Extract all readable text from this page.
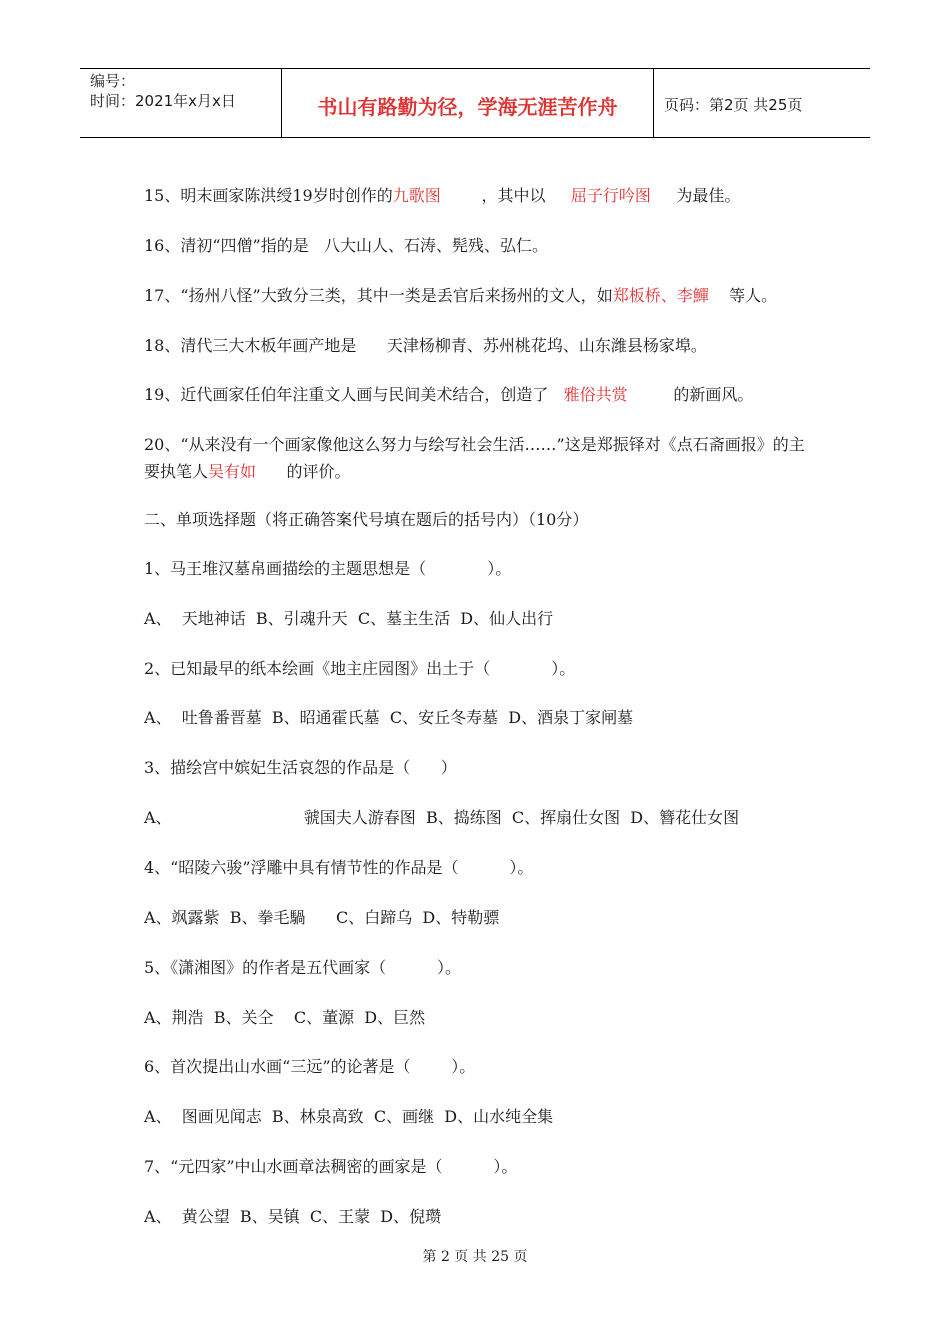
编号：
时间：2021年x月x日	书山有路勤为径，学海无涯苦作舟	页码：第2页 共25页
15、明末画家陈洪绶19岁时创作的九歌图        ，其中以     屈子行吟图     为最佳。
16、清初“四僧”指的是   八大山人、石涛、髡残、弘仁。
17、“扬州八怪”大致分三类，其中一类是丢官后来扬州的文人，如郑板桥、李鱓    等人。
18、清代三大木板年画产地是      天津杨柳青、苏州桃花坞、山东潍县杨家埠。
19、近代画家任伯年注重文人画与民间美术结合，创造了   雅俗共赏         的新画风。
20、“从来没有一个画家像他这么努力与绘写社会生活……”这是郑振铎对《点石斋画报》的主要执笔人吴有如      的评价。
二、单项选择题（将正确答案代号填在题后的括号内）（10分）
1、马王堆汉墓帛画描绘的主题思想是（            ）。
A、  天地神话  B、引魂升天  C、墓主生活  D、仙人出行
2、已知最早的纸本绘画《地主庄园图》出土于（            ）。
A、  吐鲁番晋墓  B、昭通霍氏墓  C、安丘冬寿墓  D、酒泉丁家闸墓
3、描绘宫中嫔妃生活哀怨的作品是（      ）
A、                          虢国夫人游春图  B、捣练图  C、挥扇仕女图  D、簪花仕女图
4、“昭陵六骏”浮雕中具有情节性的作品是（          ）。
A、飒露紫  B、拳毛騧      C、白蹄乌  D、特勒骠
5、《潇湘图》的作者是五代画家（          ）。
A、荆浩  B、关仝    C、董源  D、巨然
6、首次提出山水画“三远”的论著是（        ）。
A、  图画见闻志  B、林泉高致  C、画继  D、山水纯全集
7、“元四家”中山水画章法稠密的画家是（          ）。
A、  黄公望  B、吴镇  C、王蒙  D、倪瓒
第 2 页 共 25 页
